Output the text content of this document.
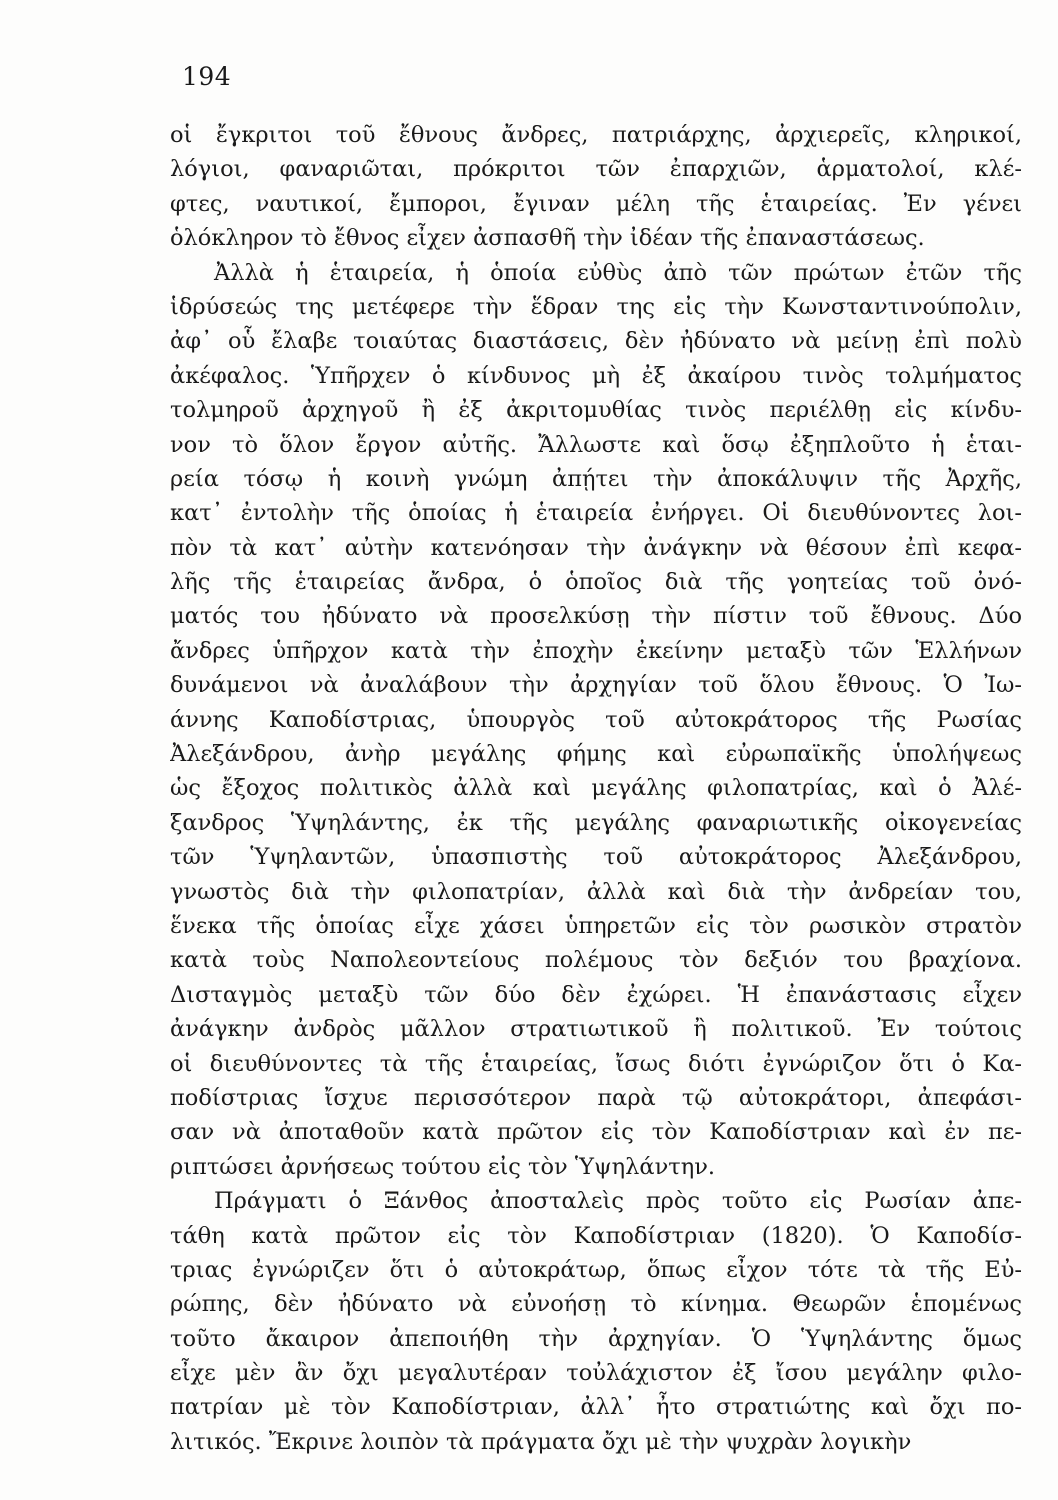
194
οἱ ἔγκριτοι τοῦ ἔθνους ἄνδρες, πατριάρχης, ἀρχιερεῖς, κληρικοί,
λόγιοι, φαναριῶται, πρόκριτοι τῶν ἐπαρχιῶν, ἁρματολοί, κλέ-
φτες, ναυτικοί, ἔμποροι, ἔγιναν μέλη τῆς ἑταιρείας. Ἐν γένει
ὁλόκληρον τὸ ἔθνος εἶχεν ἀσπασθῆ τὴν ἰδέαν τῆς ἐπαναστάσεως.
Ἀλλὰ ἡ ἑταιρεία, ἡ ὁποία εὐθὺς ἀπὸ τῶν πρώτων ἐτῶν τῆς
ἱδρύσεώς της μετέφερε τὴν ἕδραν της εἰς τὴν Κωνσταντινούπολιν,
ἀφ᾽ οὗ ἔλαβε τοιαύτας διαστάσεις, δὲν ἠδύνατο νὰ μείνῃ ἐπὶ πολὺ
ἀκέφαλος. Ὑπῆρχεν ὁ κίνδυνος μὴ ἐξ ἀκαίρου τινὸς τολμήματος
τολμηροῦ ἀρχηγοῦ ἢ ἐξ ἀκριτομυθίας τινὸς περιέλθῃ εἰς κίνδυ-
νον τὸ ὅλον ἔργον αὐτῆς. Ἄλλωστε καὶ ὅσῳ ἐξηπλοῦτο ἡ ἑται-
ρεία τόσῳ ἡ κοινὴ γνώμη ἀπῄτει τὴν ἀποκάλυψιν τῆς Ἀρχῆς,
κατ᾽ ἐντολὴν τῆς ὁποίας ἡ ἑταιρεία ἐνήργει. Οἱ διευθύνοντες λοι-
πὸν τὰ κατ᾽ αὐτὴν κατενόησαν τὴν ἀνάγκην νὰ θέσουν ἐπὶ κεφα-
λῆς τῆς ἑταιρείας ἄνδρα, ὁ ὁποῖος διὰ τῆς γοητείας τοῦ ὀνό-
ματός του ἠδύνατο νὰ προσελκύσῃ τὴν πίστιν τοῦ ἔθνους. Δύο
ἄνδρες ὑπῆρχον κατὰ τὴν ἐποχὴν ἐκείνην μεταξὺ τῶν Ἑλλήνων
δυνάμενοι νὰ ἀναλάβουν τὴν ἀρχηγίαν τοῦ ὅλου ἔθνους. Ὁ Ἰω-
άννης Καποδίστριας, ὑπουργὸς τοῦ αὐτοκράτορος τῆς Ρωσίας
Ἀλεξάνδρου, ἀνὴρ μεγάλης φήμης καὶ εὐρωπαϊκῆς ὑπολήψεως
ὡς ἔξοχος πολιτικὸς ἀλλὰ καὶ μεγάλης φιλοπατρίας, καὶ ὁ Ἀλέ-
ξανδρος Ὑψηλάντης, ἐκ τῆς μεγάλης φαναριωτικῆς οἰκογενείας
τῶν Ὑψηλαντῶν, ὑπασπιστὴς τοῦ αὐτοκράτορος Ἀλεξάνδρου,
γνωστὸς διὰ τὴν φιλοπατρίαν, ἀλλὰ καὶ διὰ τὴν ἀνδρείαν του,
ἕνεκα τῆς ὁποίας εἶχε χάσει ὑπηρετῶν εἰς τὸν ρωσικὸν στρατὸν
κατὰ τοὺς Ναπολεοντείους πολέμους τὸν δεξιόν του βραχίονα.
Δισταγμὸς μεταξὺ τῶν δύο δὲν ἐχώρει. Ἡ ἐπανάστασις εἶχεν
ἀνάγκην ἀνδρὸς μᾶλλον στρατιωτικοῦ ἢ πολιτικοῦ. Ἐν τούτοις
οἱ διευθύνοντες τὰ τῆς ἑταιρείας, ἴσως διότι ἐγνώριζον ὅτι ὁ Κα-
ποδίστριας ἴσχυε περισσότερον παρὰ τῷ αὐτοκράτορι, ἀπεφάσι-
σαν νὰ ἀποταθοῦν κατὰ πρῶτον εἰς τὸν Καποδίστριαν καὶ ἐν πε-
ριπτώσει ἀρνήσεως τούτου εἰς τὸν Ὑψηλάντην.
Πράγματι ὁ Ξάνθος ἀποσταλεὶς πρὸς τοῦτο εἰς Ρωσίαν ἀπε-
τάθη κατὰ πρῶτον εἰς τὸν Καποδίστριαν (1820). Ὁ Καποδίσ-
τριας ἐγνώριζεν ὅτι ὁ αὐτοκράτωρ, ὅπως εἶχον τότε τὰ τῆς Εὐ-
ρώπης, δὲν ἠδύνατο νὰ εὐνοήσῃ τὸ κίνημα. Θεωρῶν ἑπομένως
τοῦτο ἄκαιρον ἀπεποιήθη τὴν ἀρχηγίαν. Ὁ Ὑψηλάντης ὅμως
εἶχε μὲν ἂν ὄχι μεγαλυτέραν τοὐλάχιστον ἐξ ἴσου μεγάλην φιλο-
πατρίαν μὲ τὸν Καποδίστριαν, ἀλλ᾽ ἦτο στρατιώτης καὶ ὄχι πο-
λιτικός. Ἔκρινε λοιπὸν τὰ πράγματα ὄχι μὲ τὴν ψυχρὰν λογικὴν
